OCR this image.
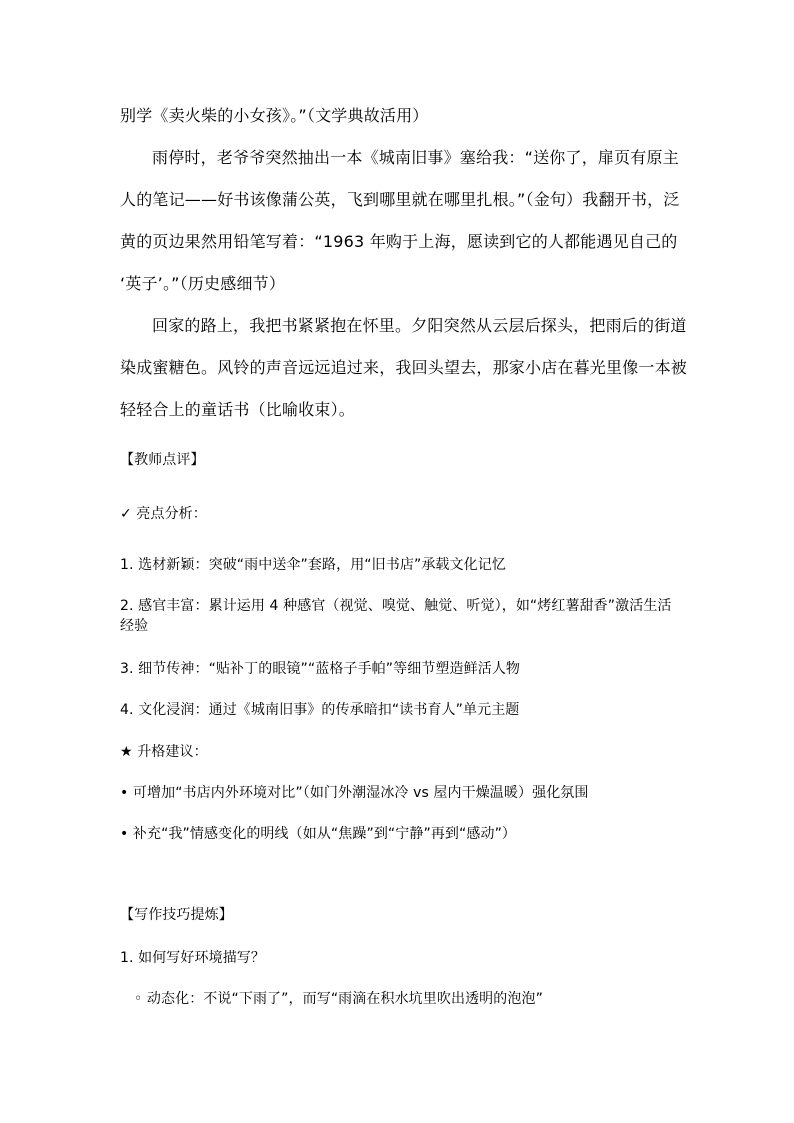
别学《卖火柴的小女孩》。”（文学典故活用）
雨停时，老爷爷突然抽出一本《城南旧事》塞给我：“送你了，扉页有原主
人的笔记——好书该像蒲公英，飞到哪里就在哪里扎根。”（金句）我翻开书，泛
黄的页边果然用铅笔写着：“1963 年购于上海，愿读到它的人都能遇见自己的
‘英子’。”（历史感细节）
回家的路上，我把书紧紧抱在怀里。夕阳突然从云层后探头，把雨后的街道
染成蜜糖色。风铃的声音远远追过来，我回头望去，那家小店在暮光里像一本被
轻轻合上的童话书（比喻收束）。
【教师点评】
✓ 亮点分析：
1. 选材新颖：突破“雨中送伞”套路，用“旧书店”承载文化记忆
2. 感官丰富：累计运用 4 种感官（视觉、嗅觉、触觉、听觉），如“烤红薯甜香”激活生活经验
3. 细节传神：“贴补丁的眼镜”“蓝格子手帕”等细节塑造鲜活人物
4. 文化浸润：通过《城南旧事》的传承暗扣“读书育人”单元主题
★ 升格建议：
• 可增加“书店内外环境对比”（如门外潮湿冰冷 vs 屋内干燥温暖）强化氛围
• 补充“我”情感变化的明线（如从“焦躁”到“宁静”再到“感动”）
【写作技巧提炼】
1. 如何写好环境描写？
◦ 动态化：不说“下雨了”，而写“雨滴在积水坑里吹出透明的泡泡”
